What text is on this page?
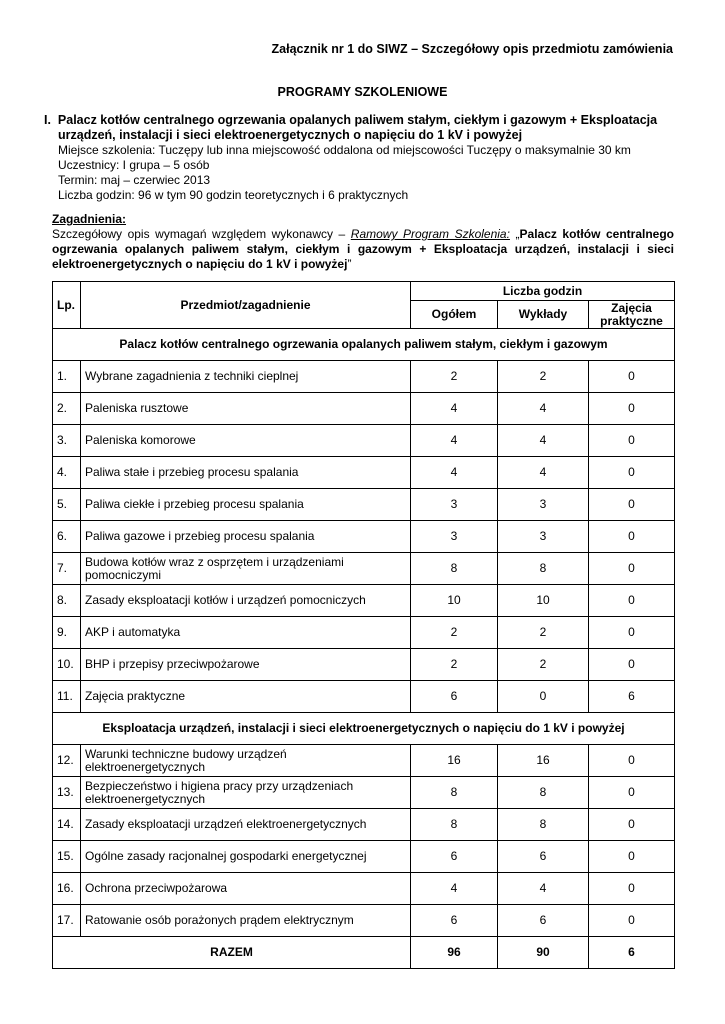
Załącznik nr 1 do SIWZ – Szczegółowy opis przedmiotu zamówienia
PROGRAMY SZKOLENIOWE
I. Palacz kotłów centralnego ogrzewania opalanych paliwem stałym, ciekłym i gazowym + Eksploatacja
urządzeń, instalacji i sieci elektroenergetycznych o napięciu do 1 kV i powyżej
Miejsce szkolenia: Tuczępy lub inna miejscowość oddalona od miejscowości Tuczępy o maksymalnie 30 km
Uczestnicy: I grupa – 5 osób
Termin: maj – czerwiec 2013
Liczba godzin: 96 w tym 90 godzin teoretycznych i 6 praktycznych
Zagadnienia:

Szczegółowy opis wymagań względem wykonawcy – Ramowy Program Szkolenia: „Palacz kotłów centralnego ogrzewania opalanych paliwem stałym, ciekłym i gazowym + Eksploatacja urządzeń, instalacji i sieci elektroenergetycznych o napięciu do 1 kV i powyżej”

Lp.	Przedmiot/zagadnienie	Liczba godzin		
		Ogółem	Wykłady	Zajęcia praktyczne
Palacz kotłów centralnego ogrzewania opalanych paliwem stałym, ciekłym i gazowym				
1.	Wybrane zagadnienia z techniki cieplnej	2	2	0
2.	Paleniska rusztowe	4	4	0
3.	Paleniska komorowe	4	4	0
4.	Paliwa stałe i przebieg procesu spalania	4	4	0
5.	Paliwa ciekłe i przebieg procesu spalania	3	3	0
6.	Paliwa gazowe i przebieg procesu spalania	3	3	0
7.	Budowa kotłów wraz z osprzętem i urządzeniami pomocniczymi	8	8	0
8.	Zasady eksploatacji kotłów i urządzeń pomocniczych	10	10	0
9.	AKP i automatyka	2	2	0
10.	BHP i przepisy przeciwpożarowe	2	2	0
11.	Zajęcia praktyczne	6	0	6
Eksploatacja urządzeń, instalacji i sieci elektroenergetycznych o napięciu do 1 kV i powyżej				
12.	Warunki techniczne budowy urządzeń elektroenergetycznych	16	16	0
13.	Bezpieczeństwo i higiena pracy przy urządzeniach elektroenergetycznych	8	8	0
14.	Zasady eksploatacji urządzeń elektroenergetycznych	8	8	0
15.	Ogólne zasady racjonalnej gospodarki energetycznej	6	6	0
16.	Ochrona przeciwpożarowa	4	4	0
17.	Ratowanie osób porażonych prądem elektrycznym	6	6	0
RAZEM		96	90	6
